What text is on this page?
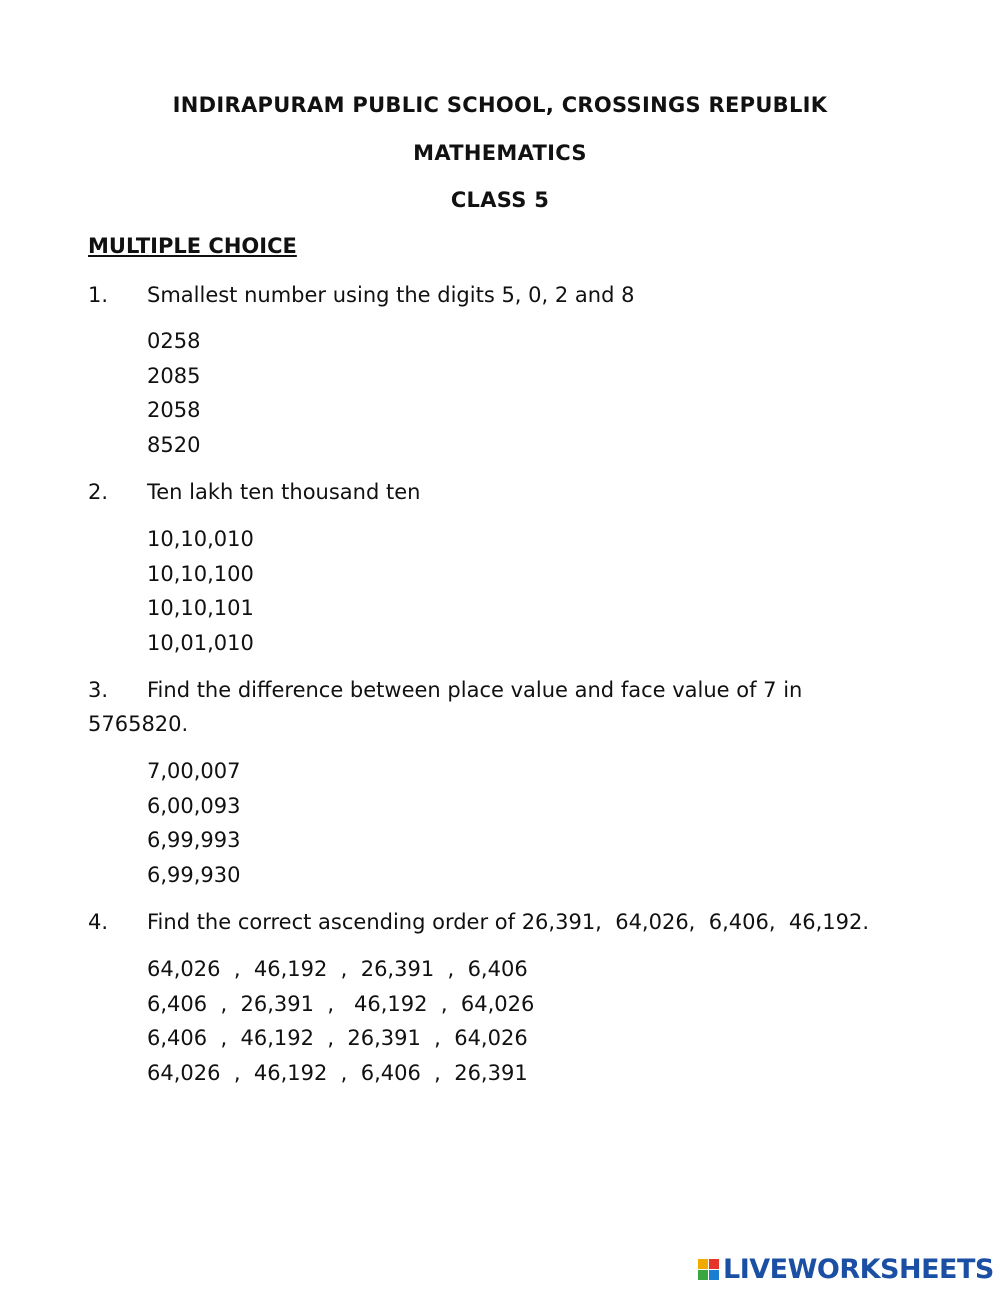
INDIRAPURAM PUBLIC SCHOOL, CROSSINGS REPUBLIK
MATHEMATICS
CLASS 5
MULTIPLE CHOICE
1. Smallest number using the digits 5, 0, 2 and 8
0258
2085
2058
8520
2. Ten lakh ten thousand ten
10,10,010
10,10,100
10,10,101
10,01,010
3. Find the difference between place value and face value of 7 in
5765820.
7,00,007
6,00,093
6,99,993
6,99,930
4. Find the correct ascending order of 26,391,  64,026,  6,406,  46,192.
64,026  ,  46,192  ,  26,391  ,  6,406
6,406  ,  26,391  ,   46,192  ,  64,026
6,406  ,  46,192  ,  26,391  ,  64,026
64,026  ,  46,192  ,  6,406  ,  26,391
LIVEWORKSHEETS
